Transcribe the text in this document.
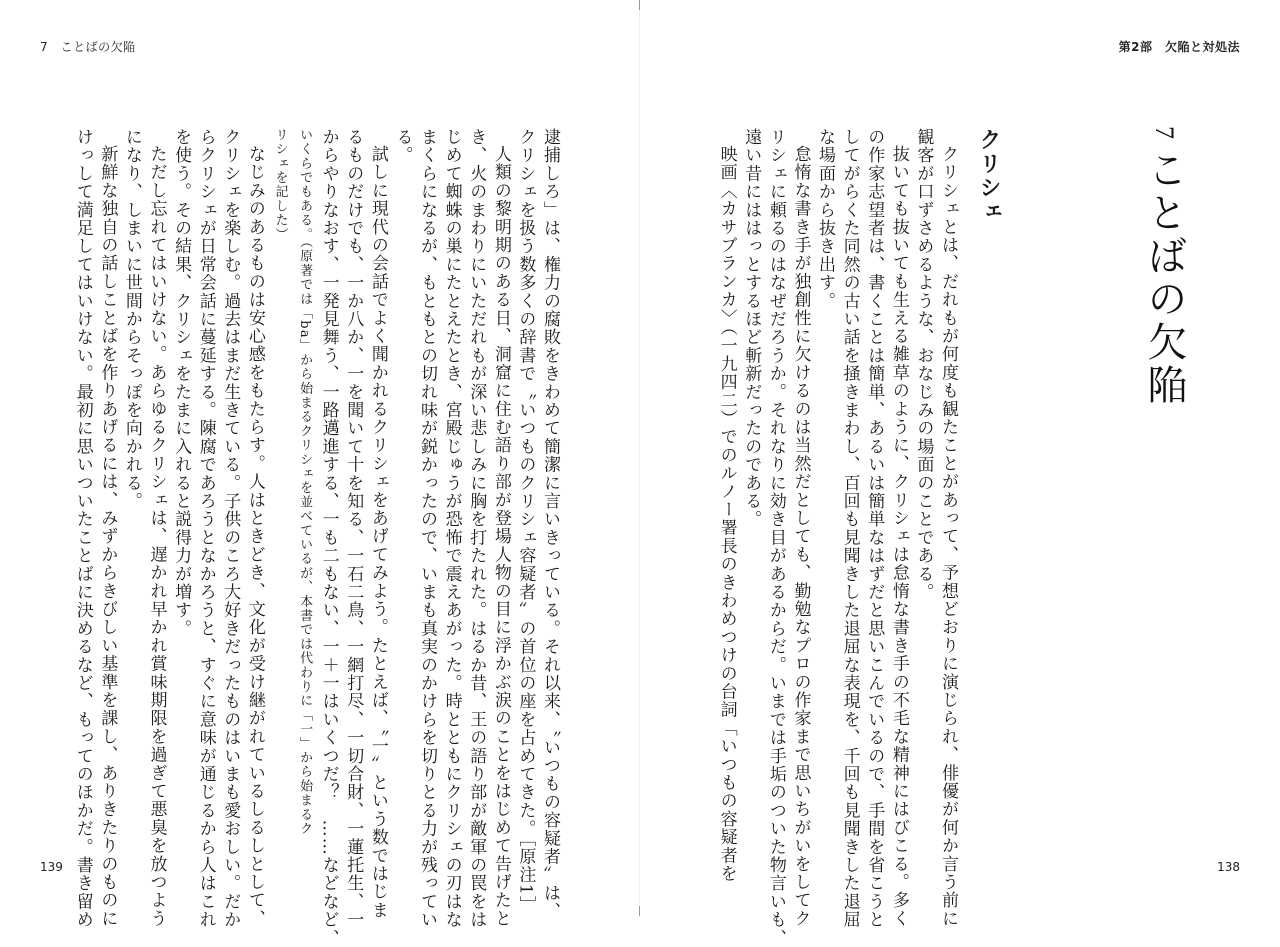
7　ことばの欠陥	第2部　欠陥と対処法
7ことばの欠陥
クリシェ

クリシェとは、だれもが何度も観たことがあって、予想どおりに演じられ、俳優が何か言う前に

観客が口ずさめるような、おなじみの場面のことである。

抜いても抜いても生える雑草のように、クリシェは怠惰な書き手の不毛な精神にはびこる。多く

の作家志望者は、書くことは簡単、あるいは簡単なはずだと思いこんでいるので、手間を省こうと

してがらくた同然の古い話を掻きまわし、百回も見聞きした退屈な表現を、千回も見聞きした退屈

な場面から抜き出す。

怠惰な書き手が独創性に欠けるのは当然だとしても、勤勉なプロの作家まで思いちがいをしてク

リシェに頼るのはなぜだろうか。それなりに効き目があるからだ。いまでは手垢のついた物言いも、

遠い昔にははっとするほど斬新だったのである。

映画〈カサブランカ〉（一九四二）でのルノー署長のきわめつけの台詞「いつもの容疑者を

逮捕しろ」は、権力の腐敗をきわめて簡潔に言いきっている。それ以来、〝いつもの容疑者〟は、

クリシェを扱う数多くの辞書で〝いつものクリシェ容疑者〟の首位の座を占めてきた。［原注1］

人類の黎明期のある日、洞窟に住む語り部が登場人物の目に浮かぶ涙のことをはじめて告げたと

き、火のまわりにいただれもが深い悲しみに胸を打たれた。はるか昔、王の語り部が敵軍の罠をは

じめて蜘蛛の巣にたとえたとき、宮殿じゅうが恐怖で震えあがった。時とともにクリシェの刃はな

まくらになるが、もともとの切れ味が鋭かったので、いまも真実のかけらを切りとる力が残ってい

る。

試しに現代の会話でよく聞かれるクリシェをあげてみよう。たとえば、〝一〟という数ではじま

るものだけでも、一か八か、一を聞いて十を知る、一石二鳥、一網打尽、一切合財、一蓮托生、一

からやりなおす、一発見舞う、一路邁進する、一も二もない、一＋一はいくつだ？　……などなど、

いくらでもある。（原著では「ba」から始まるクリシェを並べているが、本書では代わりに「一」から始まるク

リシェを記した）

なじみのあるものは安心感をもたらす。人はときどき、文化が受け継がれているしるしとして、

クリシェを楽しむ。過去はまだ生きている。子供のころ大好きだったものはいまも愛おしい。だか

らクリシェが日常会話に蔓延する。陳腐であろうとなかろうと、すぐに意味が通じるから人はこれ

を使う。その結果、クリシェをたまに入れると説得力が増す。

ただし忘れてはいけない。あらゆるクリシェは、遅かれ早かれ賞味期限を過ぎて悪臭を放つよう

になり、しまいに世間からそっぽを向かれる。

新鮮な独自の話しことばを作りあげるには、みずからきびしい基準を課し、ありきたりのものに

けっして満足してはいけない。最初に思いついたことばに決めるなど、もってのほかだ。書き留め

139	138
